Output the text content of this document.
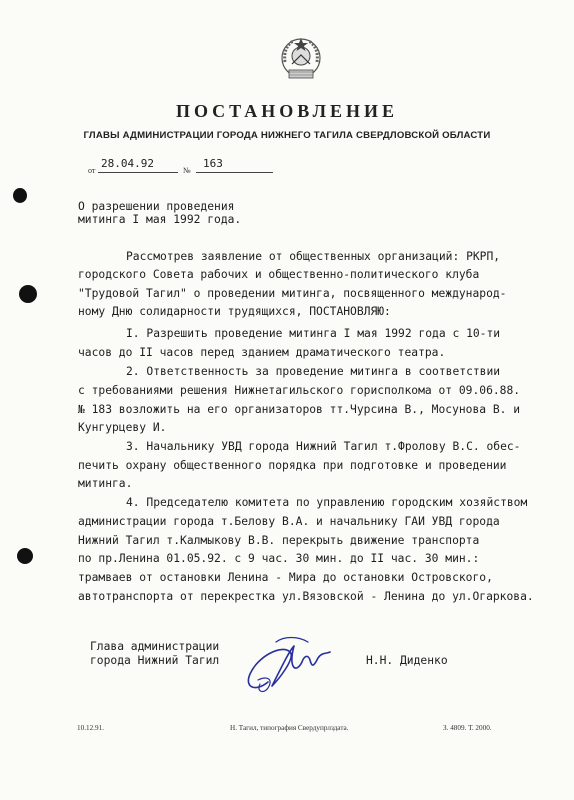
ПОСТАНОВЛЕНИЕ
ГЛАВЫ АДМИНИСТРАЦИИ ГОРОДА НИЖНЕГО ТАГИЛА СВЕРДЛОВСКОЙ ОБЛАСТИ
от
28.04.92
№
163
О разрешении проведения
митинга I мая 1992 года.
Рассмотрев заявление от общественных организаций: РКРП,
городского Совета рабочих и общественно-политического клуба
"Трудовой Тагил" о проведении митинга, посвященного междунаpод-
ному Дню солидарности трудящихся, ПОСТАНОВЛЯЮ:
I. Разрешить проведение митинга I мая 1992 года с 10-ти
часов до II часов перед зданием драматического театра.
2. Ответственность за проведение митинга в соответствии
с требованиями решения Нижнетагильского горисполкома от 09.06.88.
№ 183 возложить на его организаторов тт.Чурсина В., Мосунова В. и
Кунгурцеву И.
3. Начальнику УВД города Нижний Тагил т.Фролову В.С. обес-
печить охрану общественного порядка при подготовке и проведении
митинга.
4. Председателю комитета по управлению городским хозяйством
администрации города т.Белову В.А. и начальнику ГАИ УВД города
Нижний Тагил т.Калмыкову В.В. перекрыть движение транспорта
по пр.Ленина 01.05.92. с 9 час. 30 мин. до II час. 30 мин.:
трамваев от остановки Ленина - Мира до остановки Островского,
автотранспорта от перекрестка ул.Вязовской - Ленина до ул.Огаркова.
Глава администрации
города Нижний Тагил	Н.Н. Диденко
10.12.91.	Н. Тагил, типография Свердупрлздата.	З. 4809. Т. 2000.
